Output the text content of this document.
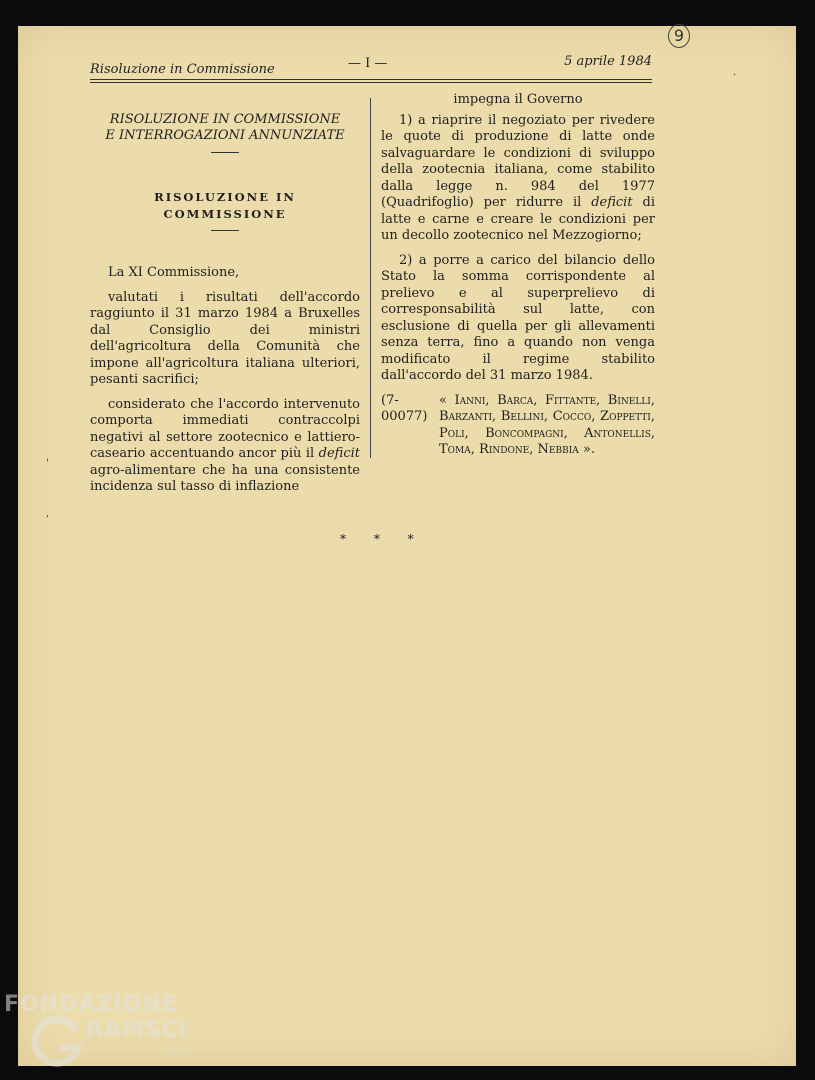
9
Risoluzione in Commissione	— I —	5 aprile 1984
RISOLUZIONE IN COMMISSIONE
E INTERROGAZIONI ANNUNZIATE
RISOLUZIONE IN COMMISSIONE

La XI Commissione,

valutati i risultati dell'accordo raggiunto il 31 marzo 1984 a Bruxelles dal Consiglio dei ministri dell'agricoltura della Comunità che impone all'agricoltura italiana ulteriori, pesanti sacrifici;

considerato che l'accordo intervenuto comporta immediati contraccolpi negativi al settore zootecnico e lattiero-caseario accentuando ancor più il deficit agro-alimentare che ha una consistente incidenza sul tasso di inflazione

impegna il Governo

1) a riaprire il negoziato per rivedere le quote di produzione di latte onde salvaguardare le condizioni di sviluppo della zootecnia italiana, come stabilito dalla legge n. 984 del 1977 (Quadrifoglio) per ridurre il deficit di latte e carne e creare le condizioni per un decollo zootecnico nel Mezzogiorno;

2) a porre a carico del bilancio dello Stato la somma corrispondente al prelievo e al superprelievo di corresponsabilità sul latte, con esclusione di quella per gli allevamenti senza terra, fino a quando non venga modificato il regime stabilito dall'accordo del 31 marzo 1984.

(7-00077)
« Ianni, Barca, Fittante, Binelli, Barzanti, Bellini, Cocco, Zoppetti, Poli, Boncompagni, Antonellis, Toma, Rindone, Nebbia ».
* * *
·
'
,
FONDAZIONE
RAMSCI
onlus
